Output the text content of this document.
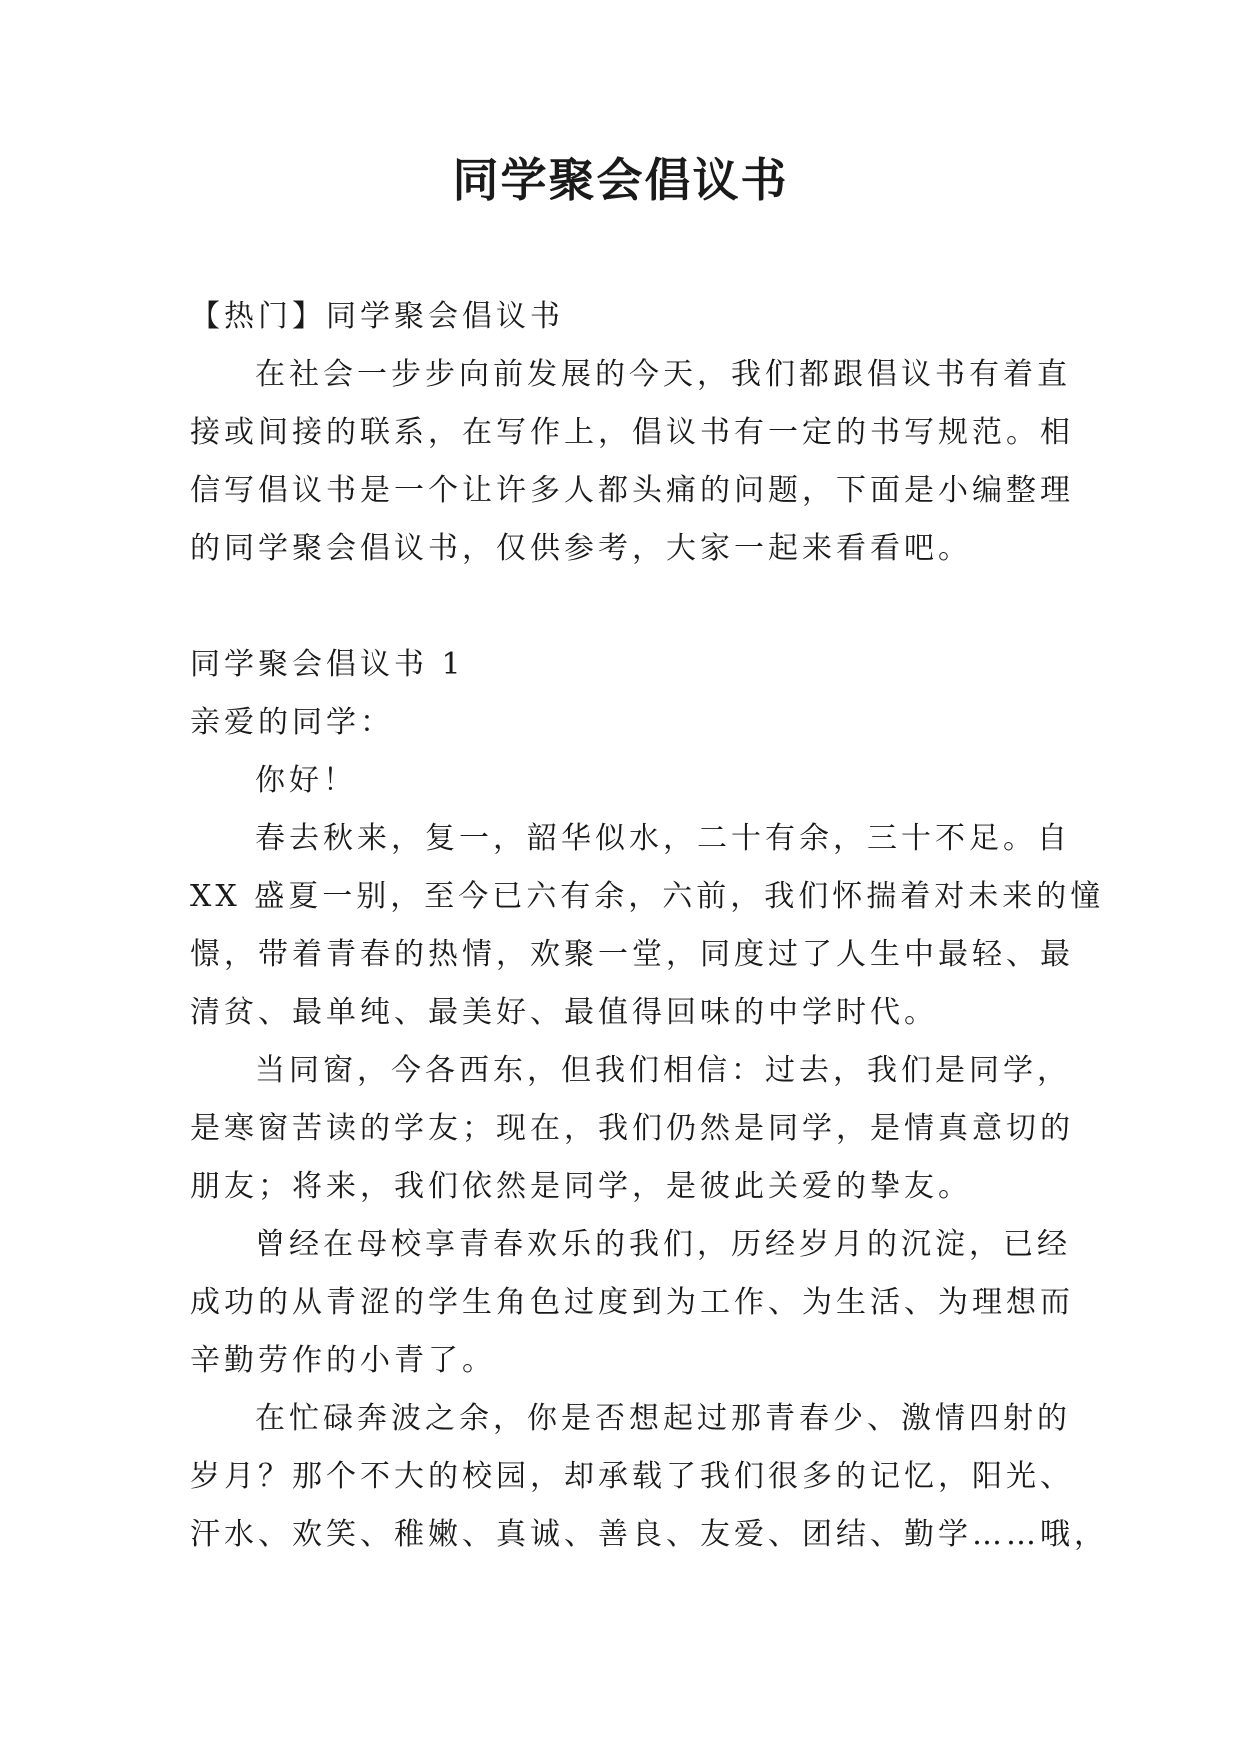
同学聚会倡议书
【热门】同学聚会倡议书

在社会一步步向前发展的今天，我们都跟倡议书有着直
接或间接的联系，在写作上，倡议书有一定的书写规范。相
信写倡议书是一个让许多人都头痛的问题，下面是小编整理
的同学聚会倡议书，仅供参考，大家一起来看看吧。

同学聚会倡议书 1
亲爱的同学：
你好！

春去秋来，复一，韶华似水，二十有余，三十不足。自
XX 盛夏一别，至今已六有余，六前，我们怀揣着对未来的憧
憬，带着青春的热情，欢聚一堂，同度过了人生中最轻、最
清贫、最单纯、最美好、最值得回味的中学时代。

当同窗，今各西东，但我们相信：过去，我们是同学，
是寒窗苦读的学友；现在，我们仍然是同学，是情真意切的
朋友；将来，我们依然是同学，是彼此关爱的挚友。

曾经在母校享青春欢乐的我们，历经岁月的沉淀，已经
成功的从青涩的学生角色过度到为工作、为生活、为理想而
辛勤劳作的小青了。

在忙碌奔波之余，你是否想起过那青春少、激情四射的
岁月？那个不大的校园，却承载了我们很多的记忆，阳光、
汗水、欢笑、稚嫩、真诚、善良、友爱、团结、勤学……哦，
